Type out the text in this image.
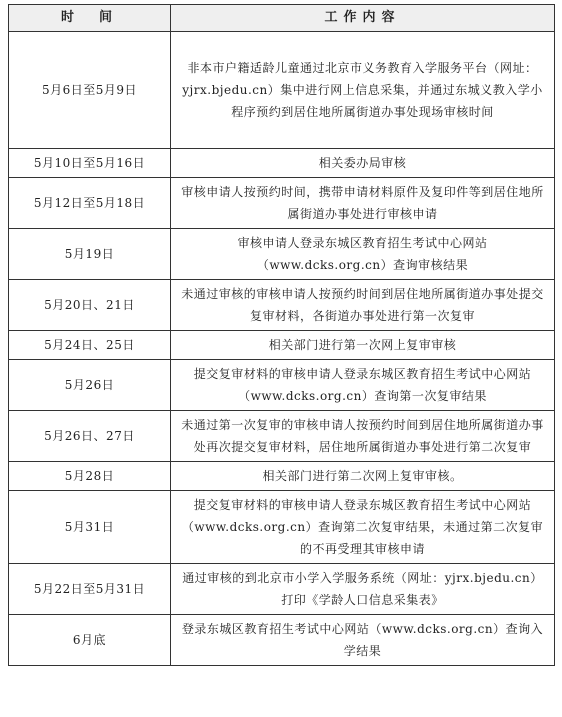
时　间	工作内容
5月6日至5月9日	非本市户籍适龄儿童通过北京市义务教育入学服务平台（网址：yjrx.bjedu.cn）集中进行网上信息采集，并通过东城义教入学小程序预约到居住地所属街道办事处现场审核时间
5月10日至5月16日	相关委办局审核
5月12日至5月18日	审核申请人按预约时间，携带申请材料原件及复印件等到居住地所属街道办事处进行审核申请
5月19日	审核申请人登录东城区教育招生考试中心网站（www.dcks.org.cn）查询审核结果
5月20日、21日	未通过审核的审核申请人按预约时间到居住地所属街道办事处提交复审材料，各街道办事处进行第一次复审
5月24日、25日	相关部门进行第一次网上复审审核
5月26日	提交复审材料的审核申请人登录东城区教育招生考试中心网站（www.dcks.org.cn）查询第一次复审结果
5月26日、27日	未通过第一次复审的审核申请人按预约时间到居住地所属街道办事处再次提交复审材料，居住地所属街道办事处进行第二次复审
5月28日	相关部门进行第二次网上复审审核。
5月31日	提交复审材料的审核申请人登录东城区教育招生考试中心网站（www.dcks.org.cn）查询第二次复审结果，未通过第二次复审的不再受理其审核申请
5月22日至5月31日	通过审核的到北京市小学入学服务系统（网址：yjrx.bjedu.cn）打印《学龄人口信息采集表》
6月底	登录东城区教育招生考试中心网站（www.dcks.org.cn）查询入学结果
